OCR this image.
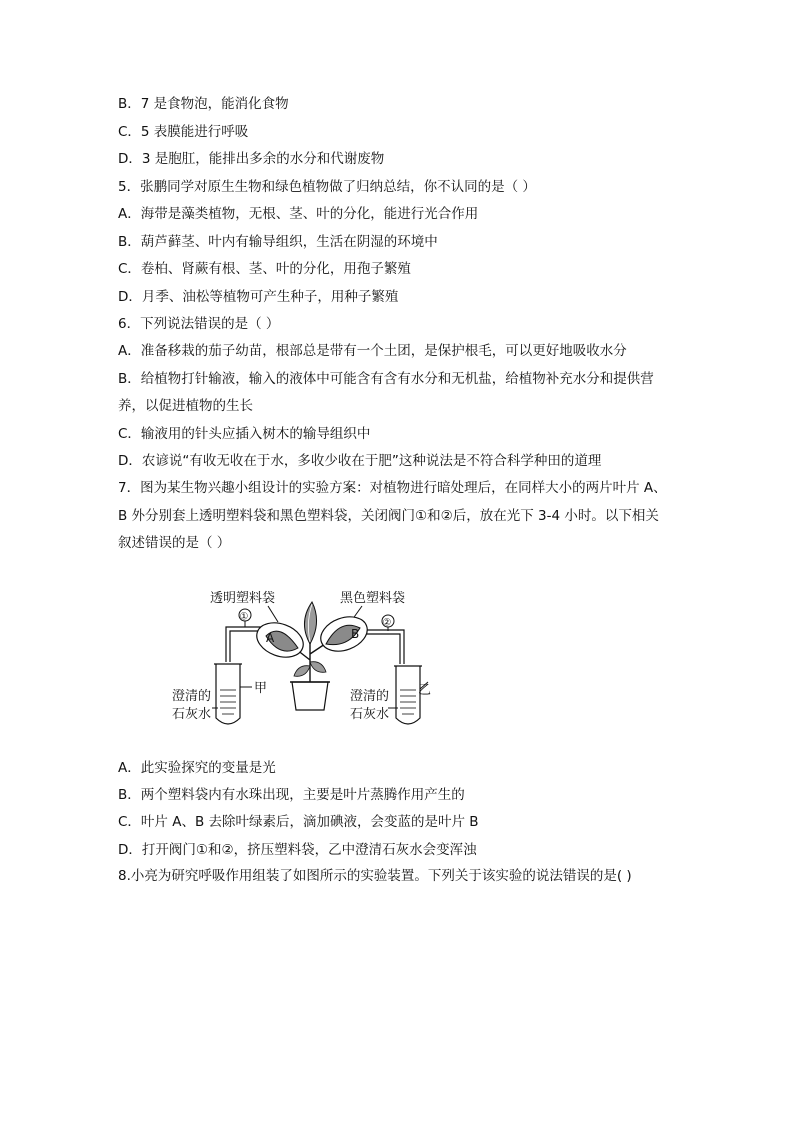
B．7 是食物泡，能消化食物
C．5 表膜能进行呼吸
D．3 是胞肛，能排出多余的水分和代谢废物
5．张鹏同学对原生生物和绿色植物做了归纳总结，你不认同的是（ ）
A．海带是藻类植物，无根、茎、叶的分化，能进行光合作用
B．葫芦藓茎、叶内有输导组织，生活在阴湿的环境中
C．卷柏、肾蕨有根、茎、叶的分化，用孢子繁殖
D．月季、油松等植物可产生种子，用种子繁殖
6．下列说法错误的是（ ）
A．准备移栽的茄子幼苗，根部总是带有一个土团，是保护根毛，可以更好地吸收水分
B．给植物打针输液，输入的液体中可能含有含有水分和无机盐，给植物补充水分和提供营
养，以促进植物的生长
C．输液用的针头应插入树木的输导组织中
D．农谚说“有收无收在于水，多收少收在于肥”这种说法是不符合科学种田的道理
7．图为某生物兴趣小组设计的实验方案：对植物进行暗处理后，在同样大小的两片叶片 A、
B 外分别套上透明塑料袋和黑色塑料袋，关闭阀门①和②后，放在光下 3-4 小时。以下相关
叙述错误的是（ ）
透明塑料袋	黑色塑料袋
①
②
甲
澄清的
石灰水
乙
澄清的
石灰水
A	B
A．此实验探究的变量是光
B．两个塑料袋内有水珠出现，主要是叶片蒸腾作用产生的
C．叶片 A、B 去除叶绿素后，滴加碘液，会变蓝的是叶片 B
D．打开阀门①和②，挤压塑料袋，乙中澄清石灰水会变浑浊
8.小亮为研究呼吸作用组装了如图所示的实验装置。下列关于该实验的说法错误的是( )
